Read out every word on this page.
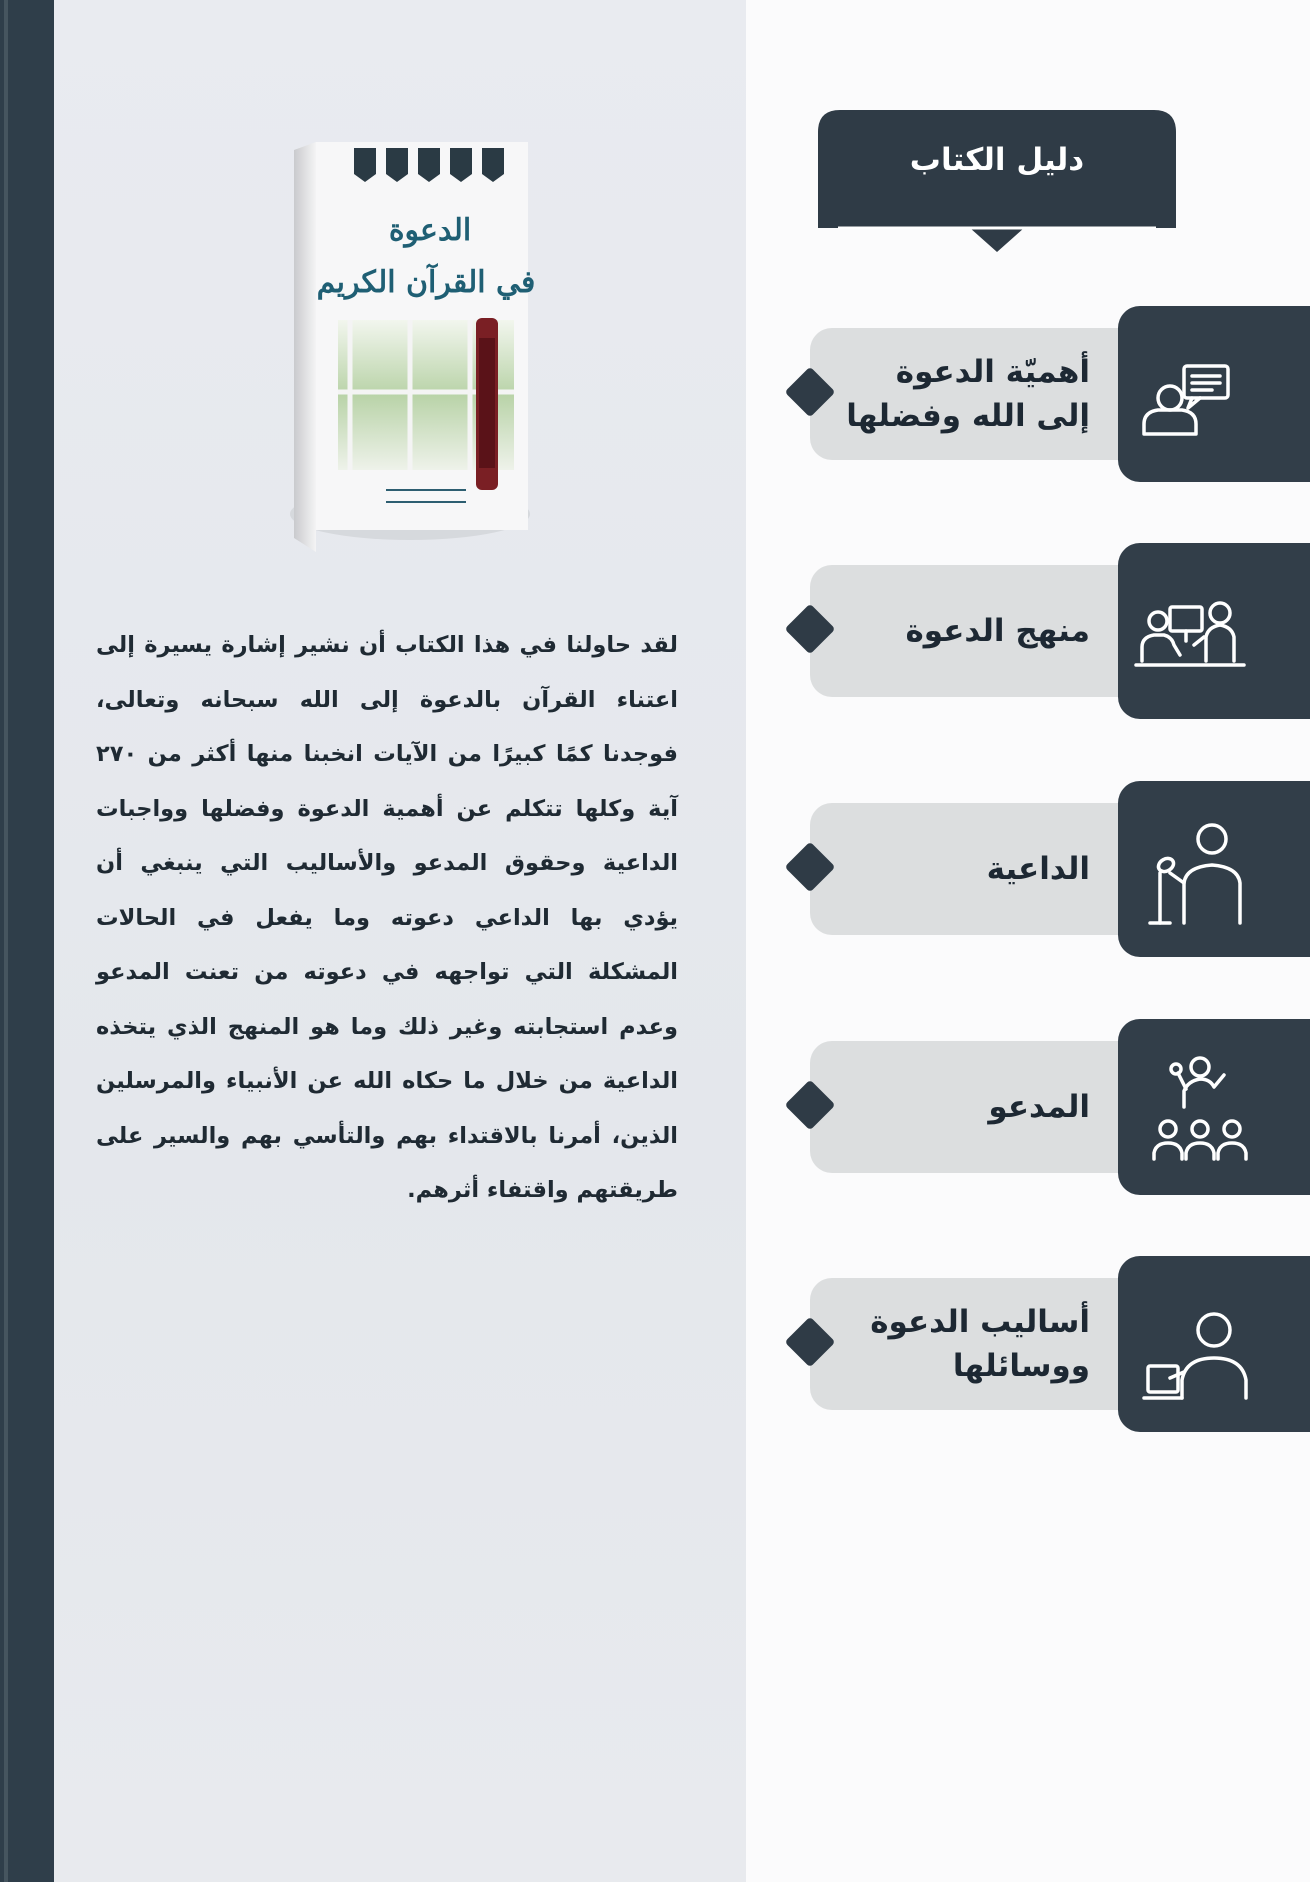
الدعوة
في القرآن الكريم
لقد حاولنا في هذا الكتاب أن نشير إشارة يسيرة إلى اعتناء القرآن بالدعوة إلى الله سبحانه وتعالى، فوجدنا كمًا كبيرًا من الآيات انخبنا منها أكثر من ٢٧٠ آية وكلها تتكلم عن أهمية الدعوة وفضلها وواجبات الداعية وحقوق المدعو والأساليب التي ينبغي أن يؤدي بها الداعي دعوته وما يفعل في الحالات المشكلة التي تواجهه في دعوته من تعنت المدعو وعدم استجابته وغير ذلك وما هو المنهج الذي يتخذه الداعية من خلال ما حكاه الله عن الأنبياء والمرسلين الذين، أمرنا بالاقتداء بهم والتأسي بهم والسير على طريقتهم واقتفاء أثرهم.
دليل الكتاب
أهميّة الدعوة
إلى الله وفضلها
منهج الدعوة
الداعية
المدعو
أساليب الدعوة
ووسائلها
